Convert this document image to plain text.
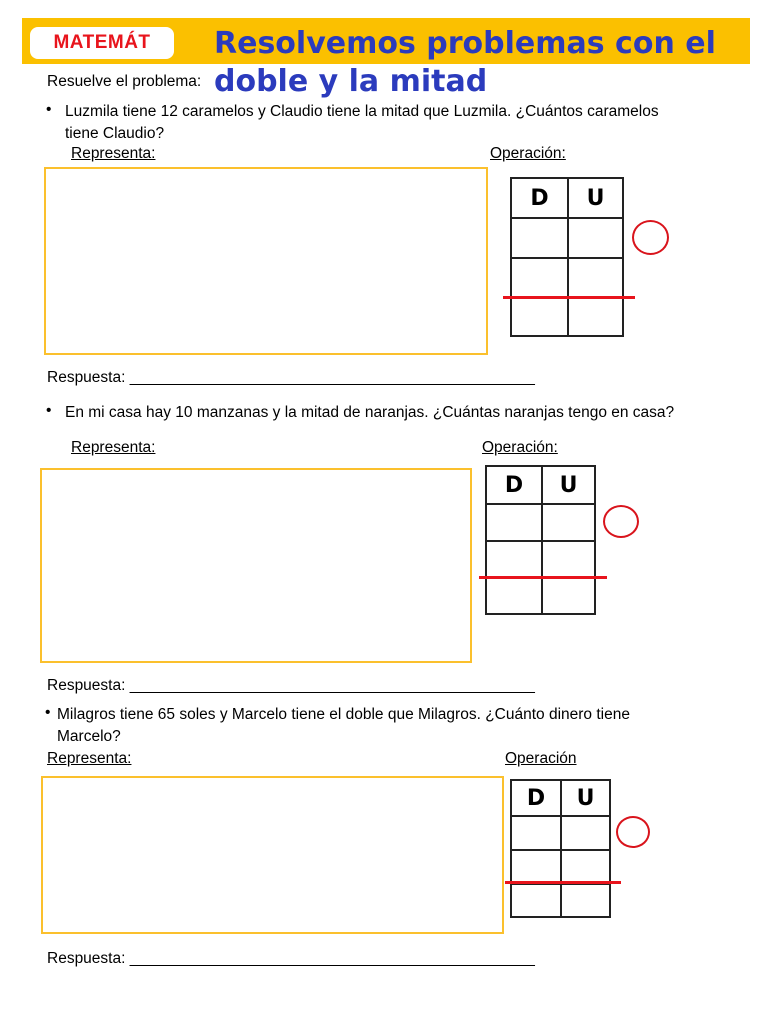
MATEMÁT	Resolvemos problemas con el doble y la mitad
Resuelve el problema:
• Luzmila tiene 12 caramelos y Claudio tiene la mitad que Luzmila. ¿Cuántos caramelos
tiene Claudio?
Representa:	Operación:
D	U

Respuesta: _______________________________________________
• En mi casa hay 10 manzanas y la mitad de naranjas. ¿Cuántas naranjas tengo en casa?
Representa:	Operación:
D	U

Respuesta: _______________________________________________
• Milagros tiene 65 soles y Marcelo tiene el doble que Milagros. ¿Cuánto dinero tiene
Marcelo?
Representa:	Operación
D	U

Respuesta: _______________________________________________
